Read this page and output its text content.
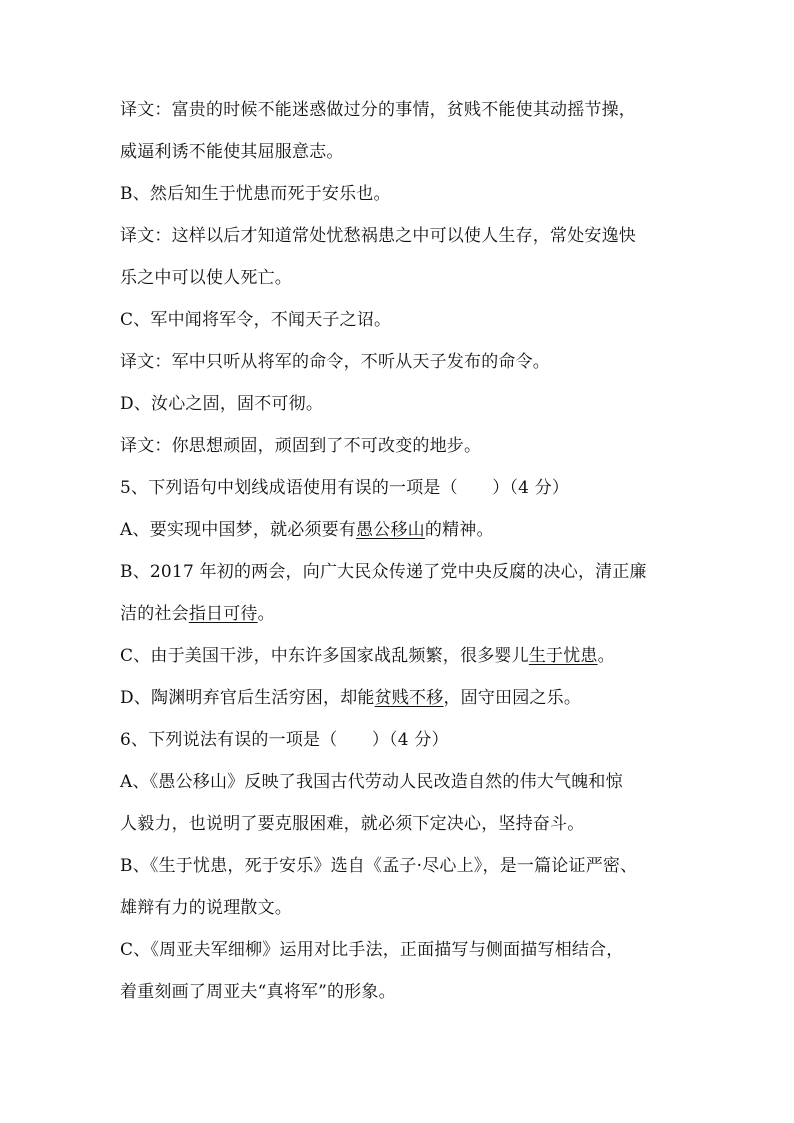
译文：富贵的时候不能迷惑做过分的事情，贫贱不能使其动摇节操，
威逼利诱不能使其屈服意志。
B、然后知生于忧患而死于安乐也。
译文：这样以后才知道常处忧愁祸患之中可以使人生存，常处安逸快
乐之中可以使人死亡。
C、军中闻将军令，不闻天子之诏。
译文：军中只听从将军的命令，不听从天子发布的命令。
D、汝心之固，固不可彻。
译文：你思想顽固，顽固到了不可改变的地步。
5、下列语句中划线成语使用有误的一项是（　　）（4 分）
A、要实现中国梦，就必须要有愚公移山的精神。
B、2017 年初的两会，向广大民众传递了党中央反腐的决心，清正廉
洁的社会指日可待。
C、由于美国干涉，中东许多国家战乱频繁，很多婴儿生于忧患。
D、陶渊明弃官后生活穷困，却能贫贱不移，固守田园之乐。
6、下列说法有误的一项是（　　）（4 分）
A、《愚公移山》反映了我国古代劳动人民改造自然的伟大气魄和惊
人毅力，也说明了要克服困难，就必须下定决心，坚持奋斗。
B、《生于忧患，死于安乐》选自《孟子·尽心上》，是一篇论证严密、
雄辩有力的说理散文。
C、《周亚夫军细柳》运用对比手法，正面描写与侧面描写相结合，
着重刻画了周亚夫“真将军”的形象。
